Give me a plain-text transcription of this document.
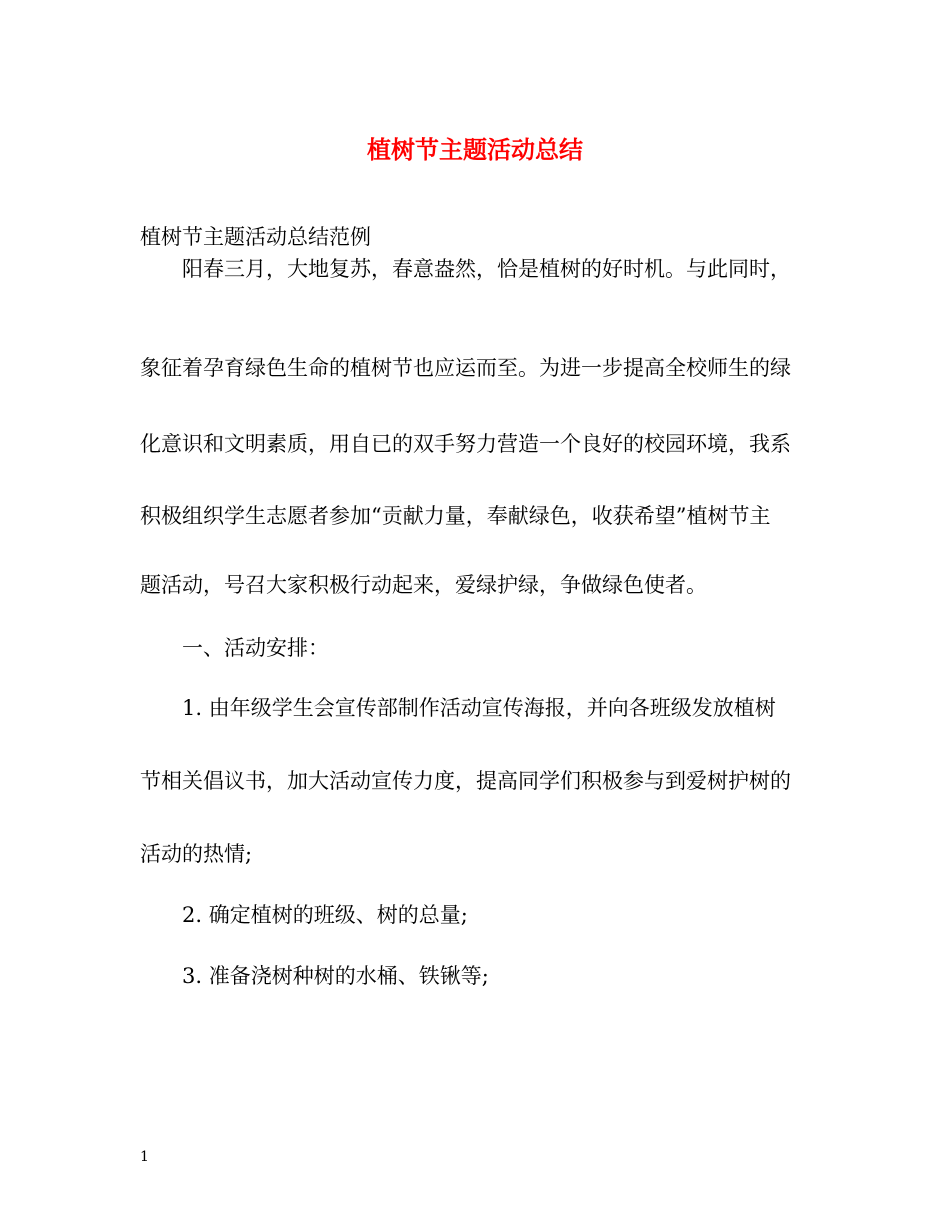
植树节主题活动总结
植树节主题活动总结范例
阳春三月，大地复苏，春意盎然，恰是植树的好时机。与此同时，
象征着孕育绿色生命的植树节也应运而至。为进一步提高全校师生的绿
化意识和文明素质，用自已的双手努力营造一个良好的校园环境，我系
积极组织学生志愿者参加“贡献力量，奉献绿色，收获希望”植树节主
题活动，号召大家积极行动起来，爱绿护绿，争做绿色使者。
一、活动安排：
1. 由年级学生会宣传部制作活动宣传海报，并向各班级发放植树
节相关倡议书，加大活动宣传力度，提高同学们积极参与到爱树护树的
活动的热情;
2. 确定植树的班级、树的总量;
3. 准备浇树种树的水桶、铁锹等;
1
